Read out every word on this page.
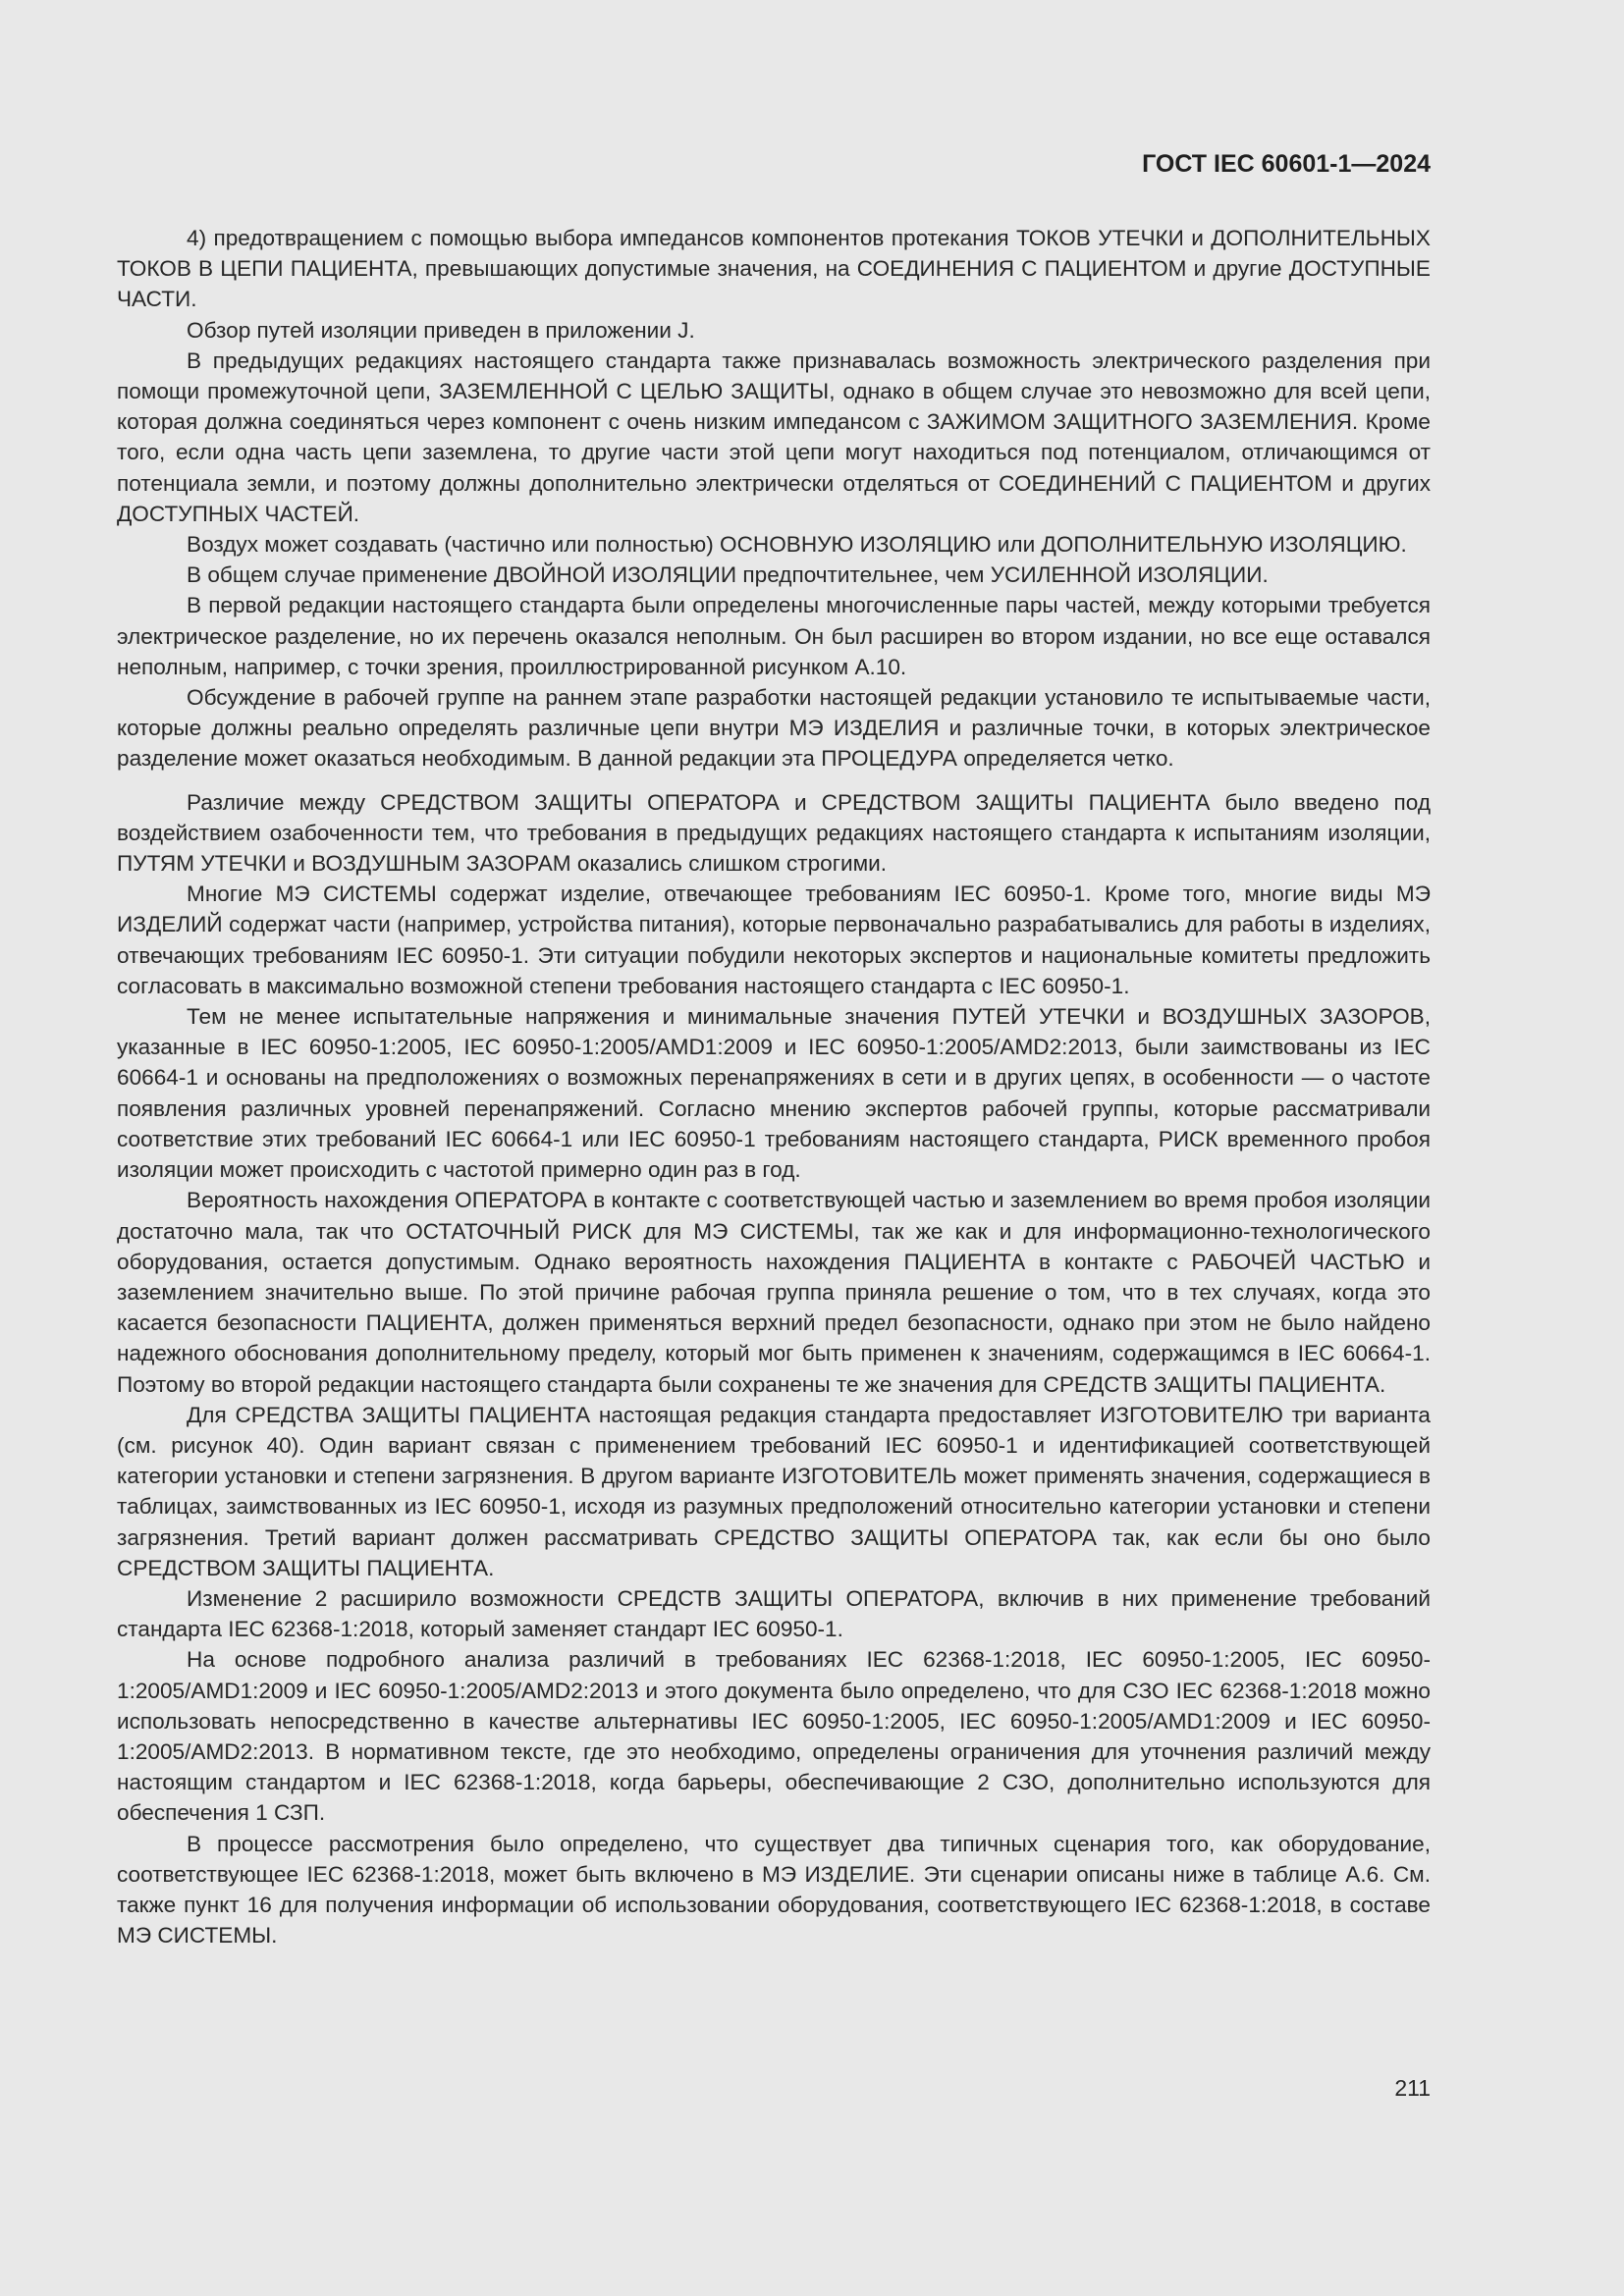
ГОСТ IEC 60601-1—2024

4) предотвращением с помощью выбора импедансов компонентов протекания ТОКОВ УТЕЧКИ и ДОПОЛНИТЕЛЬНЫХ ТОКОВ В ЦЕПИ ПАЦИЕНТА, превышающих допустимые значения, на СОЕДИНЕНИЯ С ПАЦИЕНТОМ и другие ДОСТУПНЫЕ ЧАСТИ.

Обзор путей изоляции приведен в приложении J.

В предыдущих редакциях настоящего стандарта также признавалась возможность электрического разделения при помощи промежуточной цепи, ЗАЗЕМЛЕННОЙ С ЦЕЛЬЮ ЗАЩИТЫ, однако в общем случае это невозможно для всей цепи, которая должна соединяться через компонент с очень низким импедансом с ЗАЖИМОМ ЗАЩИТНОГО ЗАЗЕМЛЕНИЯ. Кроме того, если одна часть цепи заземлена, то другие части этой цепи могут находиться под потенциалом, отличающимся от потенциала земли, и поэтому должны дополнительно электрически отделяться от СОЕДИНЕНИЙ С ПАЦИЕНТОМ и других ДОСТУПНЫХ ЧАСТЕЙ.

Воздух может создавать (частично или полностью) ОСНОВНУЮ ИЗОЛЯЦИЮ или ДОПОЛНИТЕЛЬНУЮ ИЗОЛЯЦИЮ.

В общем случае применение ДВОЙНОЙ ИЗОЛЯЦИИ предпочтительнее, чем УСИЛЕННОЙ ИЗОЛЯЦИИ.

В первой редакции настоящего стандарта были определены многочисленные пары частей, между которыми требуется электрическое разделение, но их перечень оказался неполным. Он был расширен во втором издании, но все еще оставался неполным, например, с точки зрения, проиллюстрированной рисунком A.10.

Обсуждение в рабочей группе на раннем этапе разработки настоящей редакции установило те испытываемые части, которые должны реально определять различные цепи внутри МЭ ИЗДЕЛИЯ и различные точки, в которых электрическое разделение может оказаться необходимым. В данной редакции эта ПРОЦЕДУРА определяется четко.

Различие между СРЕДСТВОМ ЗАЩИТЫ ОПЕРАТОРА и СРЕДСТВОМ ЗАЩИТЫ ПАЦИЕНТА было введено под воздействием озабоченности тем, что требования в предыдущих редакциях настоящего стандарта к испытаниям изоляции, ПУТЯМ УТЕЧКИ и ВОЗДУШНЫМ ЗАЗОРАМ оказались слишком строгими.

Многие МЭ СИСТЕМЫ содержат изделие, отвечающее требованиям IEC 60950-1. Кроме того, многие виды МЭ ИЗДЕЛИЙ содержат части (например, устройства питания), которые первоначально разрабатывались для работы в изделиях, отвечающих требованиям IEC 60950-1. Эти ситуации побудили некоторых экспертов и национальные комитеты предложить согласовать в максимально возможной степени требования настоящего стандарта с IEC 60950-1.

Тем не менее испытательные напряжения и минимальные значения ПУТЕЙ УТЕЧКИ и ВОЗДУШНЫХ ЗАЗОРОВ, указанные в IEC 60950-1:2005, IEC 60950-1:2005/AMD1:2009 и IEC 60950-1:2005/AMD2:2013, были заимствованы из IEC 60664-1 и основаны на предположениях о возможных перенапряжениях в сети и в других цепях, в особенности — о частоте появления различных уровней перенапряжений. Согласно мнению экспертов рабочей группы, которые рассматривали соответствие этих требований IEC 60664-1 или IEC 60950-1 требованиям настоящего стандарта, РИСК временного пробоя изоляции может происходить с частотой примерно один раз в год.

Вероятность нахождения ОПЕРАТОРА в контакте с соответствующей частью и заземлением во время пробоя изоляции достаточно мала, так что ОСТАТОЧНЫЙ РИСК для МЭ СИСТЕМЫ, так же как и для информационно-технологического оборудования, остается допустимым. Однако вероятность нахождения ПАЦИЕНТА в контакте с РАБОЧЕЙ ЧАСТЬЮ и заземлением значительно выше. По этой причине рабочая группа приняла решение о том, что в тех случаях, когда это касается безопасности ПАЦИЕНТА, должен применяться верхний предел безопасности, однако при этом не было найдено надежного обоснования дополнительному пределу, который мог быть применен к значениям, содержащимся в IEC 60664-1. Поэтому во второй редакции настоящего стандарта были сохранены те же значения для СРЕДСТВ ЗАЩИТЫ ПАЦИЕНТА.

Для СРЕДСТВА ЗАЩИТЫ ПАЦИЕНТА настоящая редакция стандарта предоставляет ИЗГОТОВИТЕЛЮ три варианта (см. рисунок 40). Один вариант связан с применением требований IEC 60950-1 и идентификацией соответствующей категории установки и степени загрязнения. В другом варианте ИЗГОТОВИТЕЛЬ может применять значения, содержащиеся в таблицах, заимствованных из IEC 60950-1, исходя из разумных предположений относительно категории установки и степени загрязнения. Третий вариант должен рассматривать СРЕДСТВО ЗАЩИТЫ ОПЕРАТОРА так, как если бы оно было СРЕДСТВОМ ЗАЩИТЫ ПАЦИЕНТА.

Изменение 2 расширило возможности СРЕДСТВ ЗАЩИТЫ ОПЕРАТОРА, включив в них применение требований стандарта IEC 62368-1:2018, который заменяет стандарт IEC 60950-1.

На основе подробного анализа различий в требованиях IEC 62368-1:2018, IEC 60950-1:2005, IEC 60950-1:2005/AMD1:2009 и IEC 60950-1:2005/AMD2:2013 и этого документа было определено, что для СЗО IEC 62368-1:2018 можно использовать непосредственно в качестве альтернативы IEC 60950-1:2005, IEC 60950-1:2005/AMD1:2009 и IEC 60950-1:2005/AMD2:2013. В нормативном тексте, где это необходимо, определены ограничения для уточнения различий между настоящим стандартом и IEC 62368-1:2018, когда барьеры, обеспечивающие 2 СЗО, дополнительно используются для обеспечения 1 СЗП.

В процессе рассмотрения было определено, что существует два типичных сценария того, как оборудование, соответствующее IEC 62368-1:2018, может быть включено в МЭ ИЗДЕЛИЕ. Эти сценарии описаны ниже в таблице A.6. См. также пункт 16 для получения информации об использовании оборудования, соответствующего IEC 62368-1:2018, в составе МЭ СИСТЕМЫ.

211
